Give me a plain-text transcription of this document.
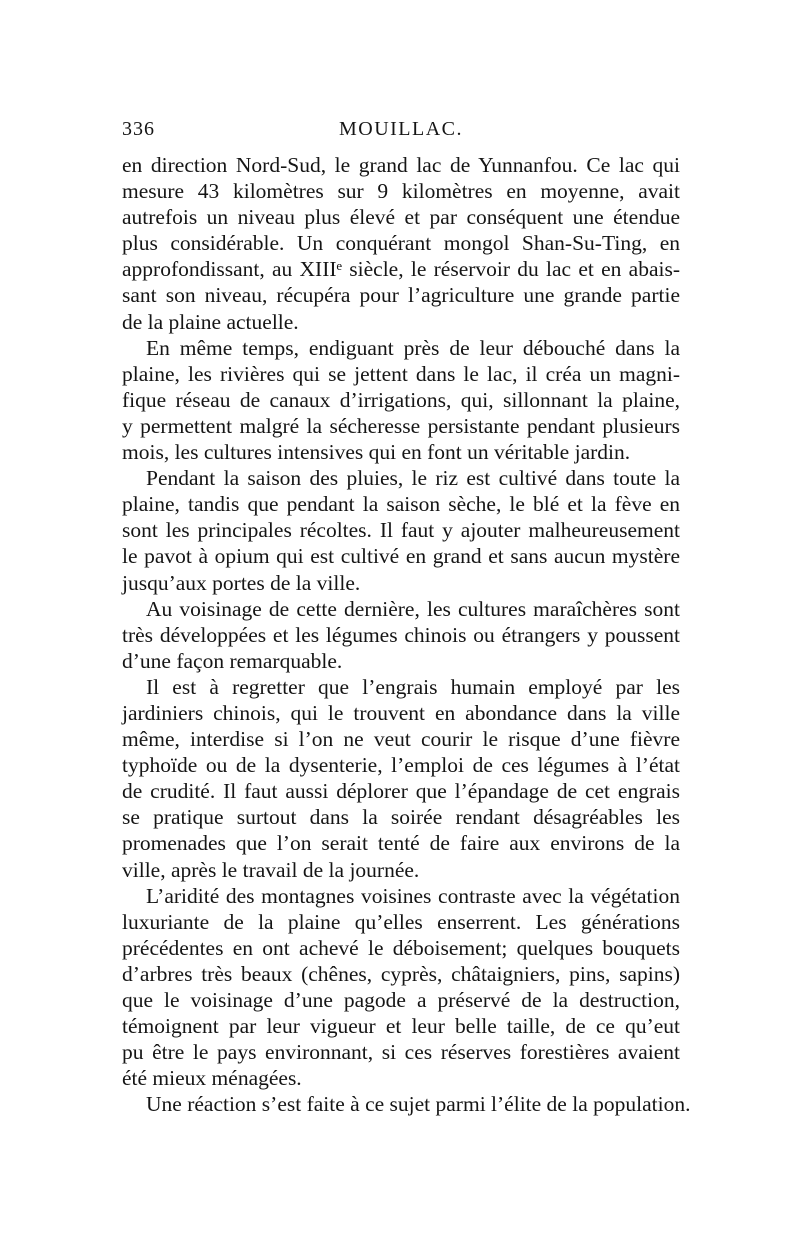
336	MOUILLAC.
en direction Nord-Sud, le grand lac de Yunnanfou. Ce lac qui
mesure 43 kilomètres sur 9 kilomètres en moyenne, avait
autrefois un niveau plus élevé et par conséquent une étendue
plus considérable. Un conquérant mongol Shan-Su-Ting, en
approfondissant, au XIIIᵉ siècle, le réservoir du lac et en abais-
sant son niveau, récupéra pour l’agriculture une grande partie
de la plaine actuelle.
En même temps, endiguant près de leur débouché dans la
plaine, les rivières qui se jettent dans le lac, il créa un magni-
fique réseau de canaux d’irrigations, qui, sillonnant la plaine,
y permettent malgré la sécheresse persistante pendant plusieurs
mois, les cultures intensives qui en font un véritable jardin.
Pendant la saison des pluies, le riz est cultivé dans toute la
plaine, tandis que pendant la saison sèche, le blé et la fève en
sont les principales récoltes. Il faut y ajouter malheureusement
le pavot à opium qui est cultivé en grand et sans aucun mystère
jusqu’aux portes de la ville.
Au voisinage de cette dernière, les cultures maraîchères sont
très développées et les légumes chinois ou étrangers y poussent
d’une façon remarquable.
Il est à regretter que l’engrais humain employé par les
jardiniers chinois, qui le trouvent en abondance dans la ville
même, interdise si l’on ne veut courir le risque d’une fièvre
typhoïde ou de la dysenterie, l’emploi de ces légumes à l’état
de crudité. Il faut aussi déplorer que l’épandage de cet engrais
se pratique surtout dans la soirée rendant désagréables les
promenades que l’on serait tenté de faire aux environs de la
ville, après le travail de la journée.
L’aridité des montagnes voisines contraste avec la végétation
luxuriante de la plaine qu’elles enserrent. Les générations
précédentes en ont achevé le déboisement; quelques bouquets
d’arbres très beaux (chênes, cyprès, châtaigniers, pins, sapins)
que le voisinage d’une pagode a préservé de la destruction,
témoignent par leur vigueur et leur belle taille, de ce qu’eut
pu être le pays environnant, si ces réserves forestières avaient
été mieux ménagées.
Une réaction s’est faite à ce sujet parmi l’élite de la population.
